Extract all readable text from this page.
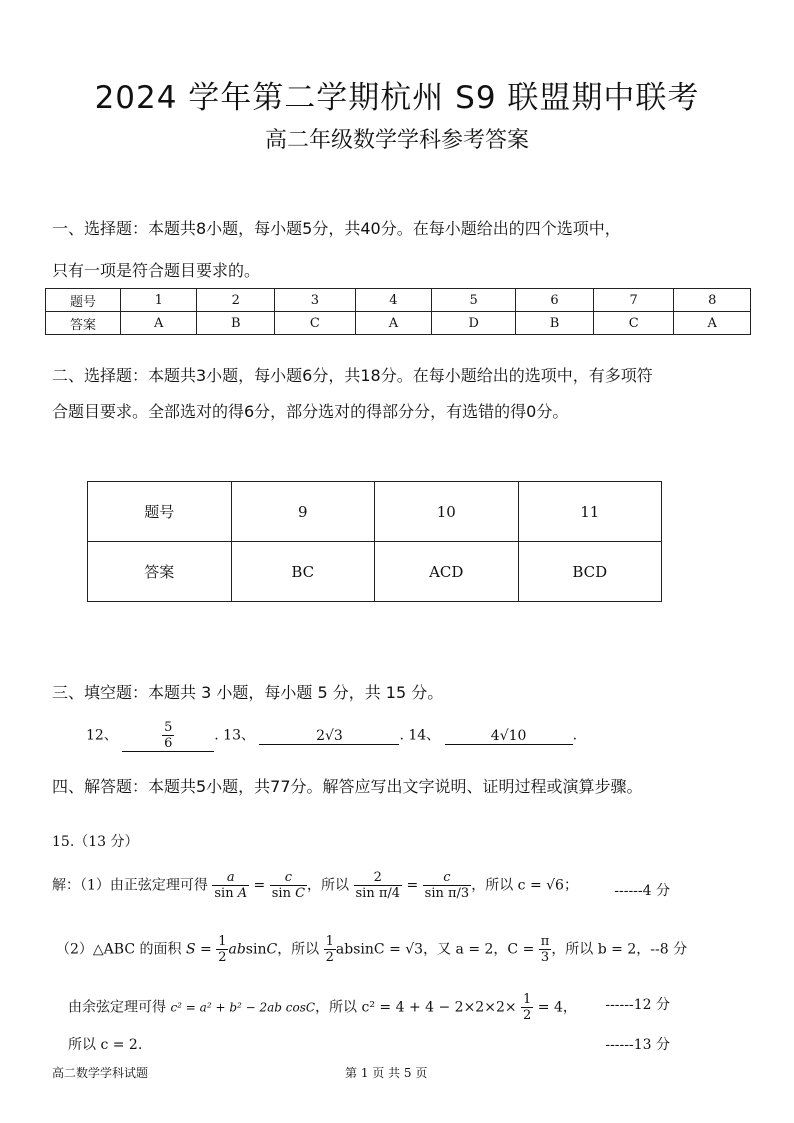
2024 学年第二学期杭州 S9 联盟期中联考
高二年级数学学科参考答案
一、选择题：本题共8小题，每小题5分，共40分。在每小题给出的四个选项中，
只有一项是符合题目要求的。
题号	1	2	3	4	5	6	7	8
答案	A	B	C	A	D	B	C	A
二、选择题：本题共3小题，每小题6分，共18分。在每小题给出的选项中，有多项符
合题目要求。全部选对的得6分，部分选对的得部分分，有选错的得0分。
题号	9	10	11
答案	BC	ACD	BCD
三、填空题：本题共 3 小题，每小题 5 分，共 15 分。
12、	$\frac{5}{6}$	. 13、	2√3	. 14、	4√10	.
四、解答题：本题共5小题，共77分。解答应写出文字说明、证明过程或演算步骤。
15.（13 分）
解：（1）由正弦定理可得 $\frac{a}{\text{sin A}} = \frac{c}{\text{sin C}}$ ，所以 $\frac{2}{\text{sin π/4}} = \frac{c}{\text{sin π/3}}$ ，所以 c = √6；	------4 分
（2）△ABC 的面积 $S = \frac{1}{2}$ absinC，所以 $\frac{1}{2}$ absinC = √3，又 a = 2，$C = \frac{\pi}{3}$ ，所以 b = 2，--8 分
由余弦定理可得 c² = a² + b² − 2ab cosC，所以 $c^2 = 4 + 4 - 2\times 2\times 2\times \frac{1}{2} = 4$， ------12 分
所以 c = 2.	------13 分
高二数学学科试题	第 1 页 共 5 页
